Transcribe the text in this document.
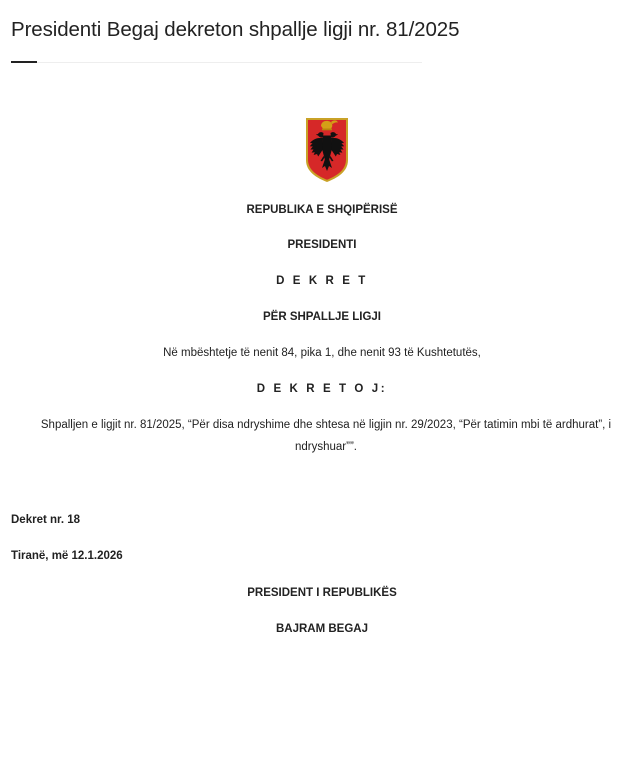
Presidenti Begaj dekreton shpallje ligji nr. 81/2025
REPUBLIKA E SHQIPËRISË
PRESIDENTI
D E K R E T
PËR SHPALLJE LIGJI
Në mbështetje të nenit 84, pika 1, dhe nenit 93 të Kushtetutës,
D E K R E T O J:
Shpalljen e ligjit nr. 81/2025, “Për disa ndryshime dhe shtesa në ligjin nr. 29/2023, “Për tatimin mbi të ardhurat”, i ndryshuar””.
Dekret nr. 18
Tiranë, më 12.1.2026
PRESIDENT I REPUBLIKËS
BAJRAM BEGAJ
